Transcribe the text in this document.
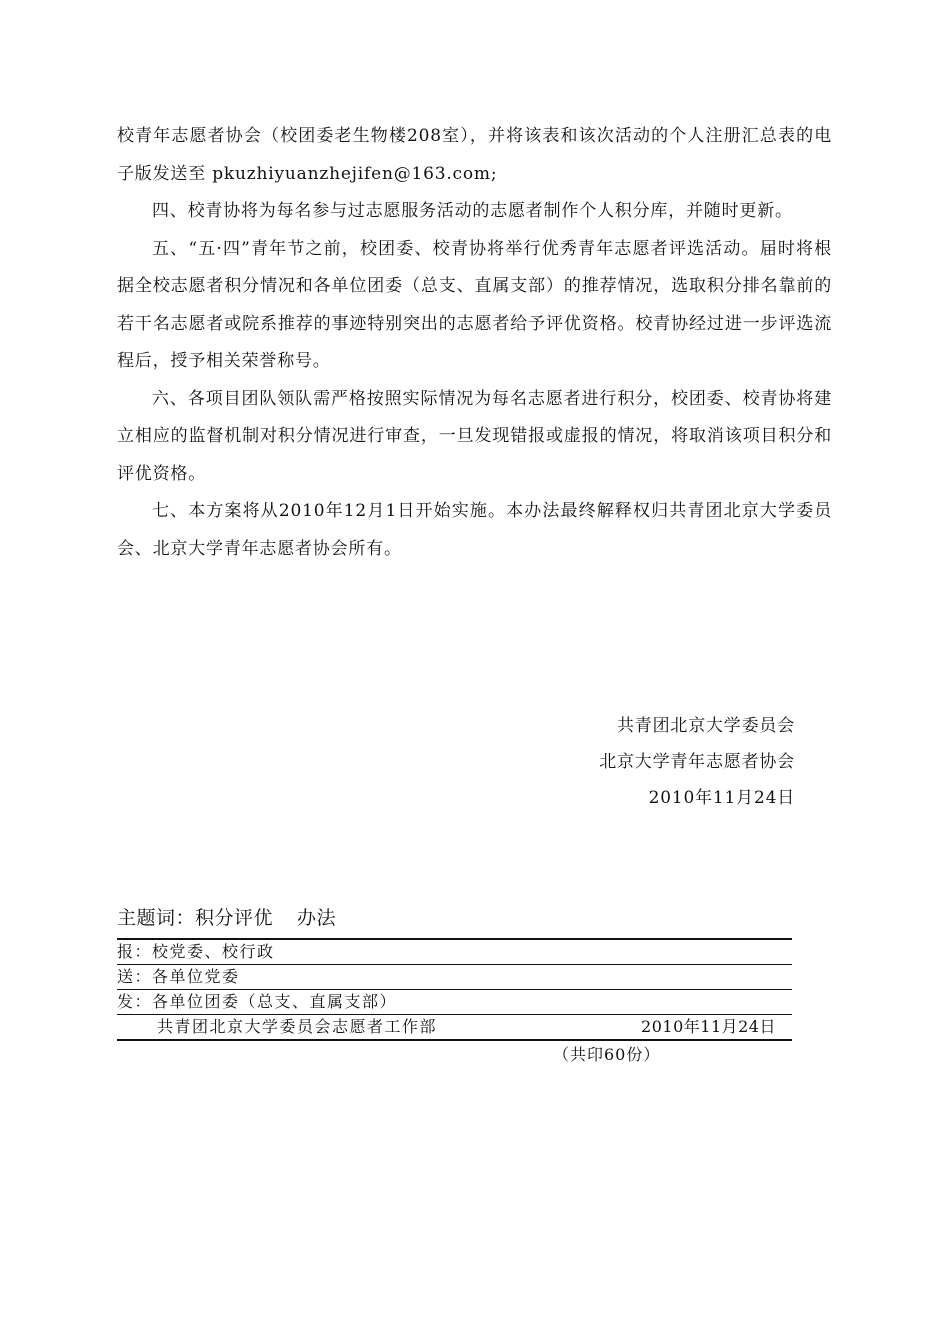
校青年志愿者协会（校团委老生物楼208室），并将该表和该次活动的个人注册汇总表的电子版发送至 pkuzhiyuanzhejifen@163.com;

四、校青协将为每名参与过志愿服务活动的志愿者制作个人积分库，并随时更新。

五、“五·四”青年节之前，校团委、校青协将举行优秀青年志愿者评选活动。届时将根据全校志愿者积分情况和各单位团委（总支、直属支部）的推荐情况，选取积分排名靠前的若干名志愿者或院系推荐的事迹特别突出的志愿者给予评优资格。校青协经过进一步评选流程后，授予相关荣誉称号。

六、各项目团队领队需严格按照实际情况为每名志愿者进行积分，校团委、校青协将建立相应的监督机制对积分情况进行审查，一旦发现错报或虚报的情况，将取消该项目积分和评优资格。

七、本方案将从2010年12月1日开始实施。本办法最终解释权归共青团北京大学委员会、北京大学青年志愿者协会所有。

共青团北京大学委员会
北京大学青年志愿者协会
2010年11月24日
主题词：积分评优 办法
报：校党委、校行政
送：各单位党委
发：各单位团委（总支、直属支部）
共青团北京大学委员会志愿者工作部	2010年11月24日
（共印60份）
